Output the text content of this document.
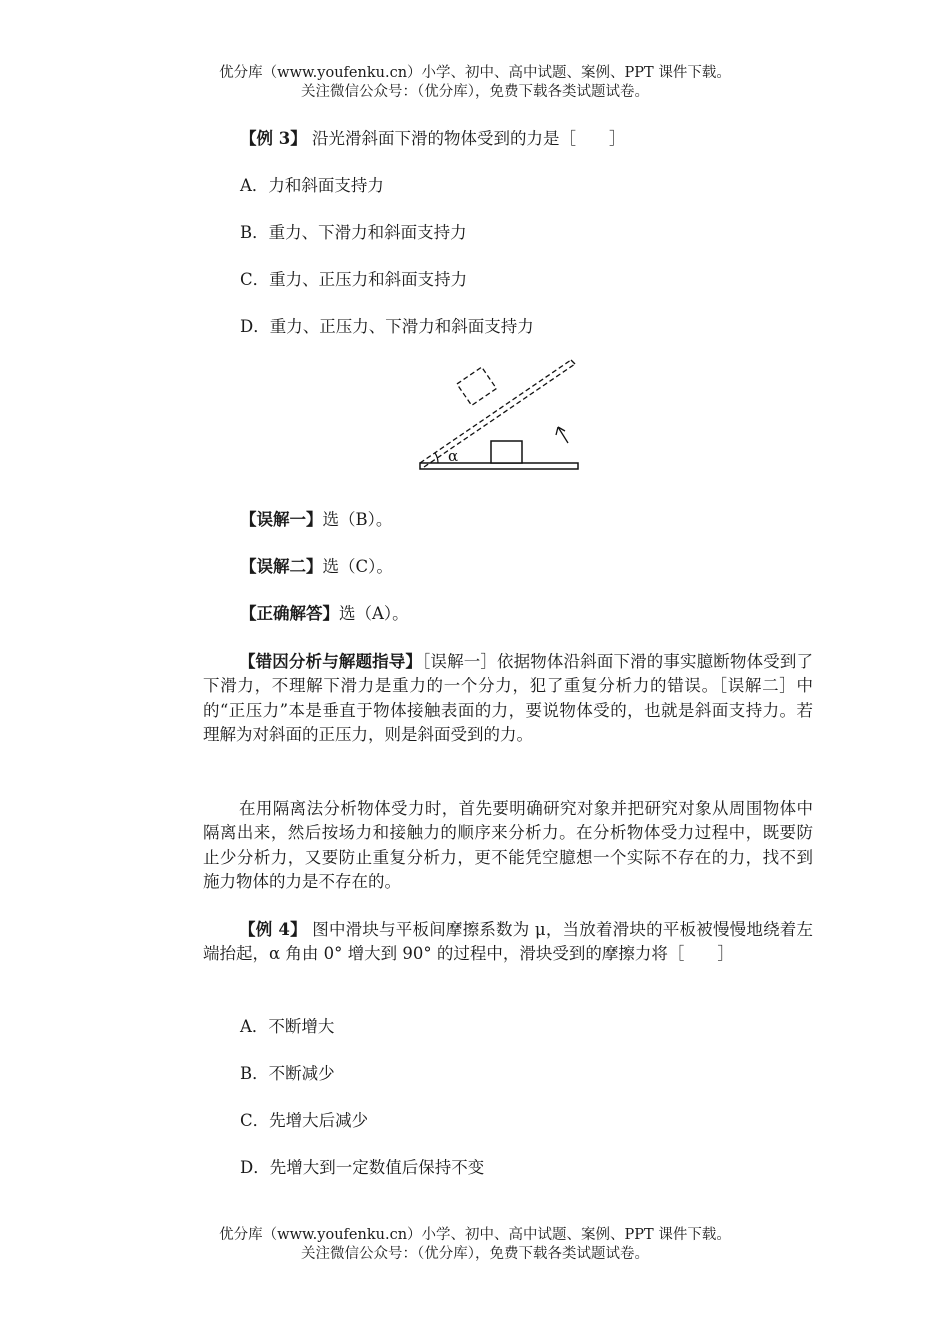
优分库（www.youfenku.cn）小学、初中、高中试题、案例、PPT 课件下载。
关注微信公众号：（优分库），免费下载各类试题试卷。
【例 3】 沿光滑斜面下滑的物体受到的力是［　　］
A．力和斜面支持力
B．重力、下滑力和斜面支持力
C．重力、正压力和斜面支持力
D．重力、正压力、下滑力和斜面支持力
α
【误解一】选（B）。
【误解二】选（C）。
【正确解答】选（A）。
【错因分析与解题指导】［误解一］依据物体沿斜面下滑的事实臆断物体受到了下滑力，不理解下滑力是重力的一个分力，犯了重复分析力的错误。［误解二］中的“正压力”本是垂直于物体接触表面的力，要说物体受的，也就是斜面支持力。若理解为对斜面的正压力，则是斜面受到的力。
在用隔离法分析物体受力时，首先要明确研究对象并把研究对象从周围物体中隔离出来，然后按场力和接触力的顺序来分析力。在分析物体受力过程中，既要防止少分析力，又要防止重复分析力，更不能凭空臆想一个实际不存在的力，找不到施力物体的力是不存在的。
【例 4】 图中滑块与平板间摩擦系数为 μ，当放着滑块的平板被慢慢地绕着左端抬起，α 角由 0° 增大到 90° 的过程中，滑块受到的摩擦力将［　　］
A．不断增大
B．不断减少
C．先增大后减少
D．先增大到一定数值后保持不变
优分库（www.youfenku.cn）小学、初中、高中试题、案例、PPT 课件下载。
关注微信公众号：（优分库），免费下载各类试题试卷。
